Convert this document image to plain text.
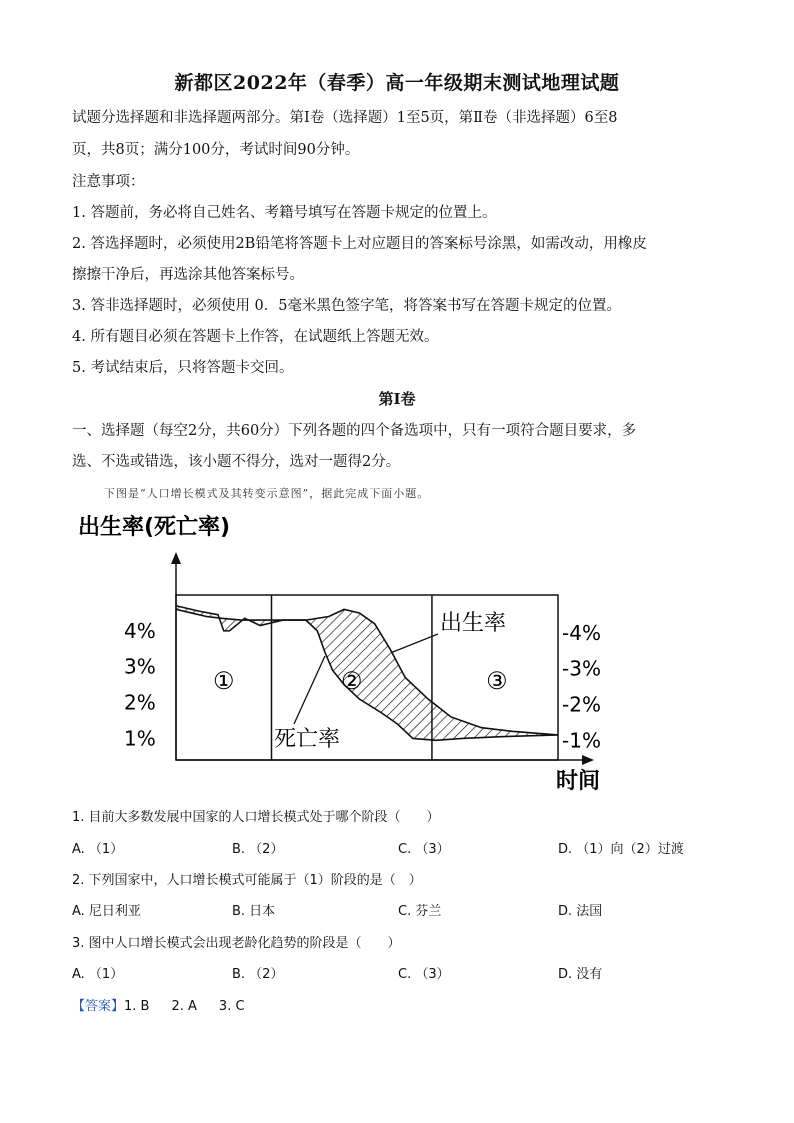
新都区2022年（春季）高一年级期末测试地理试题
试题分选择题和非选择题两部分。第Ⅰ卷（选择题）1至5页，第Ⅱ卷（非选择题）6至8
页，共8页；满分100分，考试时间90分钟。
注意事项：
1. 答题前，务必将自己姓名、考籍号填写在答题卡规定的位置上。
2. 答选择题时，必须使用2B铅笔将答题卡上对应题目的答案标号涂黑，如需改动，用橡皮
擦擦干净后，再选涂其他答案标号。
3. 答非选择题时，必须使用 0．5毫米黑色签字笔，将答案书写在答题卡规定的位置。
4. 所有题目必须在答题卡上作答，在试题纸上答题无效。
5. 考试结束后，只将答题卡交回。
第Ⅰ卷
一、选择题（每空2分，共60分）下列各题的四个备选项中，只有一项符合题目要求，多
选、不选或错选，该小题不得分，选对一题得2分。
下图是“人口增长模式及其转变示意图”，据此完成下面小题。
出生率(死亡率)
时间
4%
3%
2%
1%
-4%
-3%
-2%
-1%
①	②	③
出生率
死亡率
1. 目前大多数发展中国家的人口增长模式处于哪个阶段（　　）
A. （1）	B. （2）	C. （3）	D. （1）向（2）过渡
2. 下列国家中，人口增长模式可能属于（1）阶段的是（　）
A. 尼日利亚	B. 日本	C. 芬兰	D. 法国
3. 图中人口增长模式会出现老龄化趋势的阶段是（　　）
A. （1）	B. （2）	C. （3）	D. 没有
【答案】1. B 2. A 3. C
